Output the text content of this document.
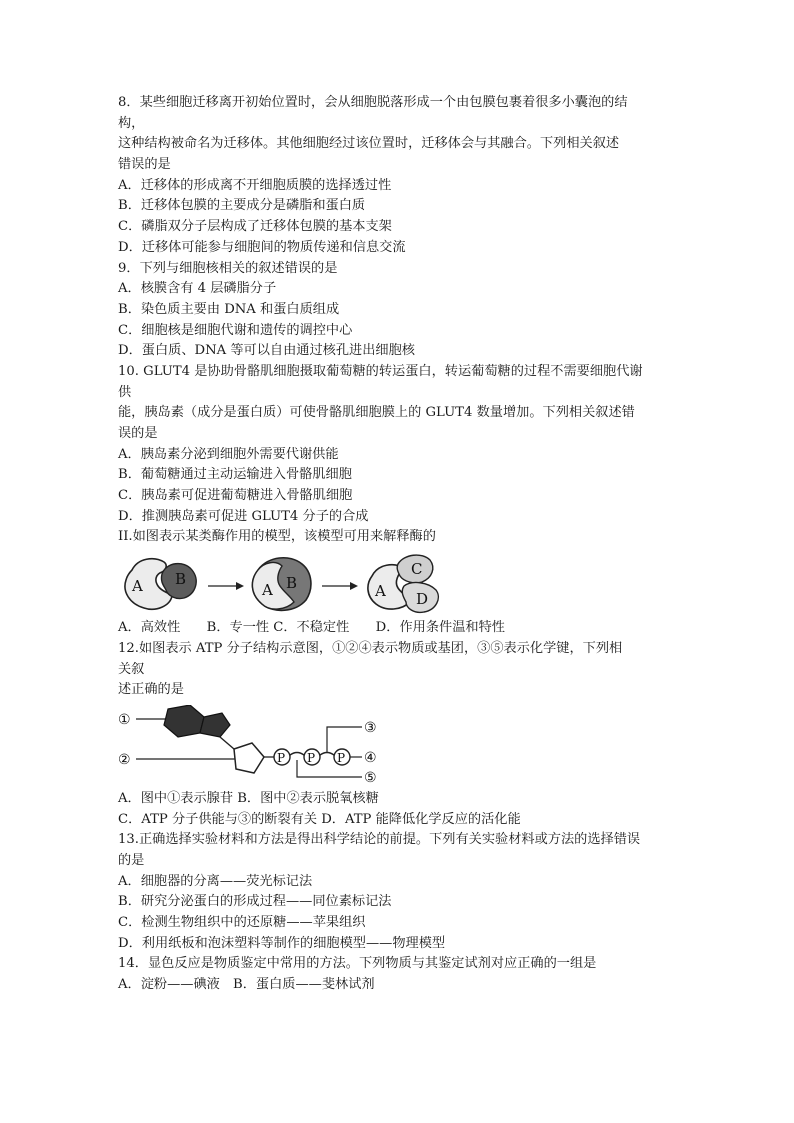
8．某些细胞迁移离开初始位置时，会从细胞脱落形成一个由包膜包裹着很多小囊泡的结
构，
这种结构被命名为迁移体。其他细胞经过该位置时，迁移体会与其融合。下列相关叙述
错误的是
A．迁移体的形成离不开细胞质膜的选择透过性
B．迁移体包膜的主要成分是磷脂和蛋白质
C．磷脂双分子层构成了迁移体包膜的基本支架
D．迁移体可能参与细胞间的物质传递和信息交流
9．下列与细胞核相关的叙述错误的是
A．核膜含有 4 层磷脂分子
B．染色质主要由 DNA 和蛋白质组成
C．细胞核是细胞代谢和遗传的调控中心
D．蛋白质、DNA 等可以自由通过核孔进出细胞核
10. GLUT4 是协助骨骼肌细胞摄取葡萄糖的转运蛋白，转运葡萄糖的过程不需要细胞代谢
供
能，胰岛素（成分是蛋白质）可使骨骼肌细胞膜上的 GLUT4 数量增加。下列相关叙述错
误的是
A．胰岛素分泌到细胞外需要代谢供能
B．葡萄糖通过主动运输进入骨骼肌细胞
C．胰岛素可促进葡萄糖进入骨骼肌细胞
D．推测胰岛素可促进 GLUT4 分子的合成
II.如图表示某类酶作用的模型，该模型可用来解释酶的
A B
A B	A
C
D
A．高效性　　B．专一性 C．不稳定性　　D．作用条件温和特性
12.如图表示 ATP 分子结构示意图，①②④表示物质或基团，③⑤表示化学键，下列相
关叙
述正确的是
①
②	P P P
③
④
⑤
A．图中①表示腺苷 B．图中②表示脱氧核糖
C．ATP 分子供能与③的断裂有关 D．ATP 能降低化学反应的活化能
13.正确选择实验材料和方法是得出科学结论的前提。下列有关实验材料或方法的选择错误
的是
A．细胞器的分离——荧光标记法
B．研究分泌蛋白的形成过程——同位素标记法
C．检测生物组织中的还原糖——苹果组织
D．利用纸板和泡沫塑料等制作的细胞模型——物理模型
14．显色反应是物质鉴定中常用的方法。下列物质与其鉴定试剂对应正确的一组是
A．淀粉——碘液　B．蛋白质——斐林试剂
